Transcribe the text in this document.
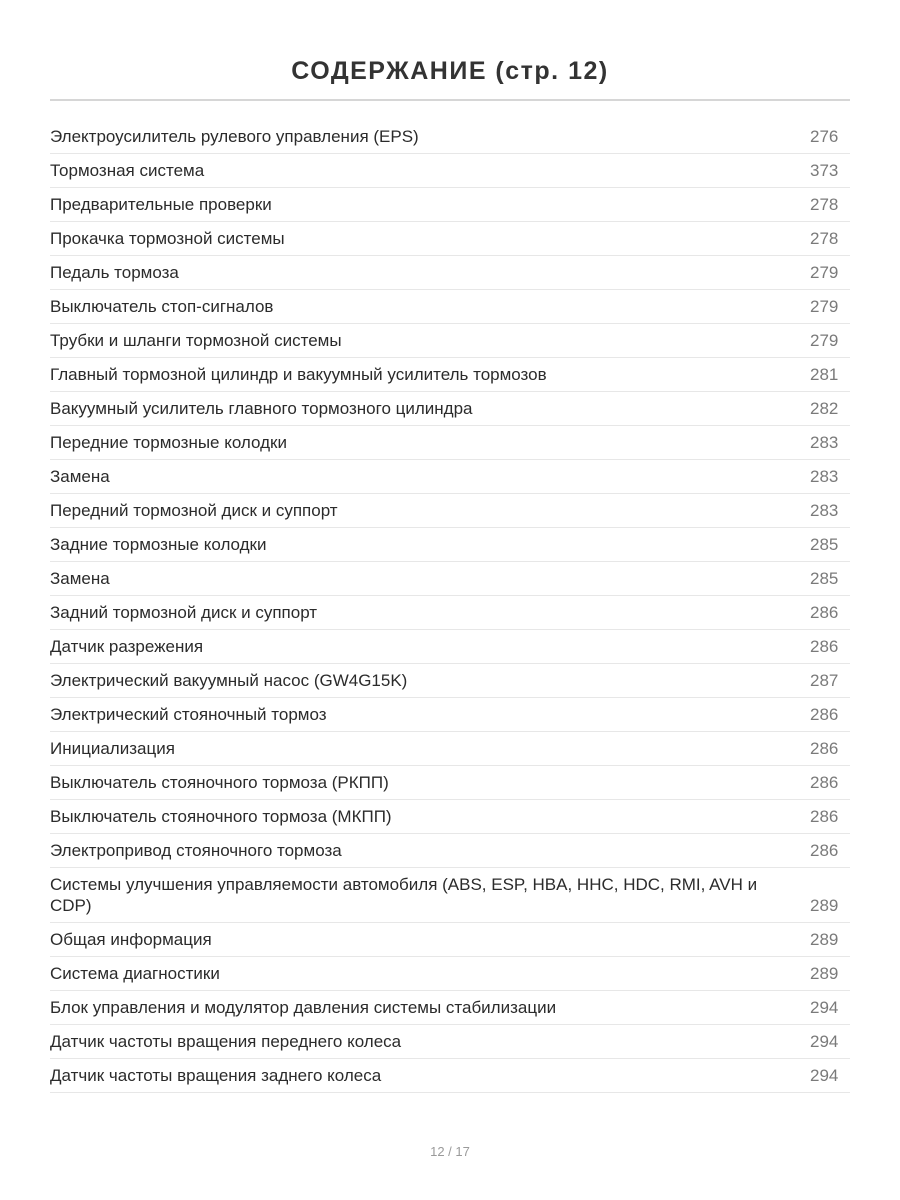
СОДЕРЖАНИЕ (стр. 12)
Электроусилитель рулевого управления (EPS)	276
Тормозная система	373
Предварительные проверки	278
Прокачка тормозной системы	278
Педаль тормоза	279
Выключатель стоп-сигналов	279
Трубки и шланги тормозной системы	279
Главный тормозной цилиндр и вакуумный усилитель тормозов	281
Вакуумный усилитель главного тормозного цилиндра	282
Передние тормозные колодки	283
Замена	283
Передний тормозной диск и суппорт	283
Задние тормозные колодки	285
Замена	285
Задний тормозной диск и суппорт	286
Датчик разрежения	286
Электрический вакуумный насос (GW4G15K)	287
Электрический стояночный тормоз	286
Инициализация	286
Выключатель стояночного тормоза (РКПП)	286
Выключатель стояночного тормоза (МКПП)	286
Электропривод стояночного тормоза	286
Системы улучшения управляемости автомобиля (ABS, ESP, HBA, HHC, HDC, RMI, AVH и CDP)	289
Общая информация	289
Система диагностики	289
Блок управления и модулятор давления системы стабилизации	294
Датчик частоты вращения переднего колеса	294
Датчик частоты вращения заднего колеса	294
12 / 17
